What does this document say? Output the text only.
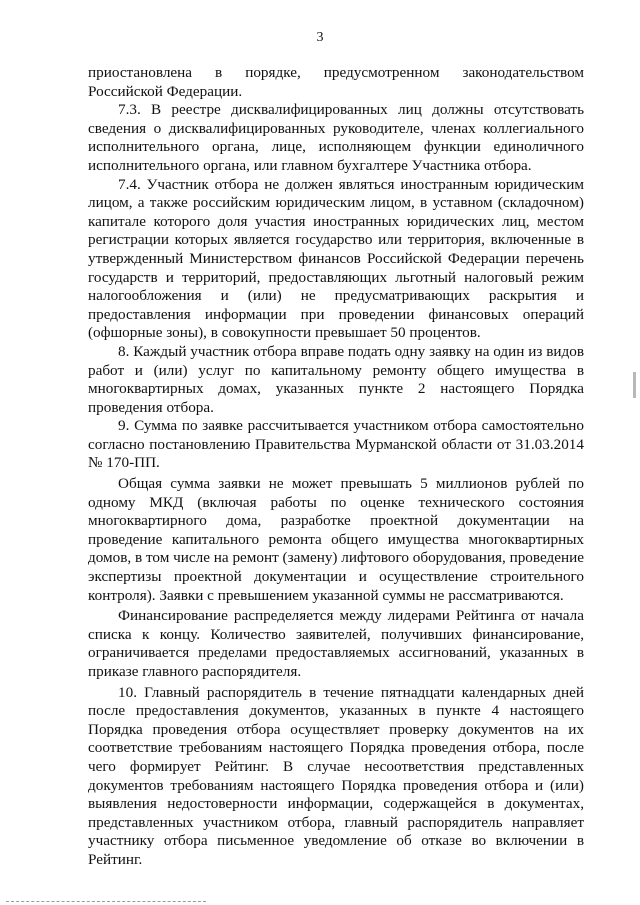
3

приостановлена в порядке, предусмотренном законодательством Российской Федерации.

7.3. В реестре дисквалифицированных лиц должны отсутствовать сведения о дисквалифицированных руководителе, членах коллегиального исполнительного органа, лице, исполняющем функции единоличного исполнительного органа, или главном бухгалтере Участника отбора.

7.4. Участник отбора не должен являться иностранным юридическим лицом, а также российским юридическим лицом, в уставном (складочном) капитале которого доля участия иностранных юридических лиц, местом регистрации которых является государство или территория, включенные в утвержденный Министерством финансов Российской Федерации перечень государств и территорий, предоставляющих льготный налоговый режим налогообложения и (или) не предусматривающих раскрытия и предоставления информации при проведении финансовых операций (офшорные зоны), в совокупности превышает 50 процентов.

8. Каждый участник отбора вправе подать одну заявку на один из видов работ и (или) услуг по капитальному ремонту общего имущества в многоквартирных домах, указанных пункте 2 настоящего Порядка проведения отбора.

9. Сумма по заявке рассчитывается участником отбора самостоятельно согласно постановлению Правительства Мурманской области от 31.03.2014 № 170-ПП.

Общая сумма заявки не может превышать 5 миллионов рублей по одному МКД (включая работы по оценке технического состояния многоквартирного дома, разработке проектной документации на проведение капитального ремонта общего имущества многоквартирных домов, в том числе на ремонт (замену) лифтового оборудования, проведение экспертизы проектной документации и осуществление строительного контроля). Заявки с превышением указанной суммы не рассматриваются.

Финансирование распределяется между лидерами Рейтинга от начала списка к концу. Количество заявителей, получивших финансирование, ограничивается пределами предоставляемых ассигнований, указанных в приказе главного распорядителя.

10. Главный распорядитель в течение пятнадцати календарных дней после предоставления документов, указанных в пункте 4 настоящего Порядка проведения отбора осуществляет проверку документов на их соответствие требованиям настоящего Порядка проведения отбора, после чего формирует Рейтинг. В случае несоответствия представленных документов требованиям настоящего Порядка проведения отбора и (или) выявления недостоверности информации, содержащейся в документах, представленных участником отбора, главный распорядитель направляет участнику отбора письменное уведомление об отказе во включении в Рейтинг.
